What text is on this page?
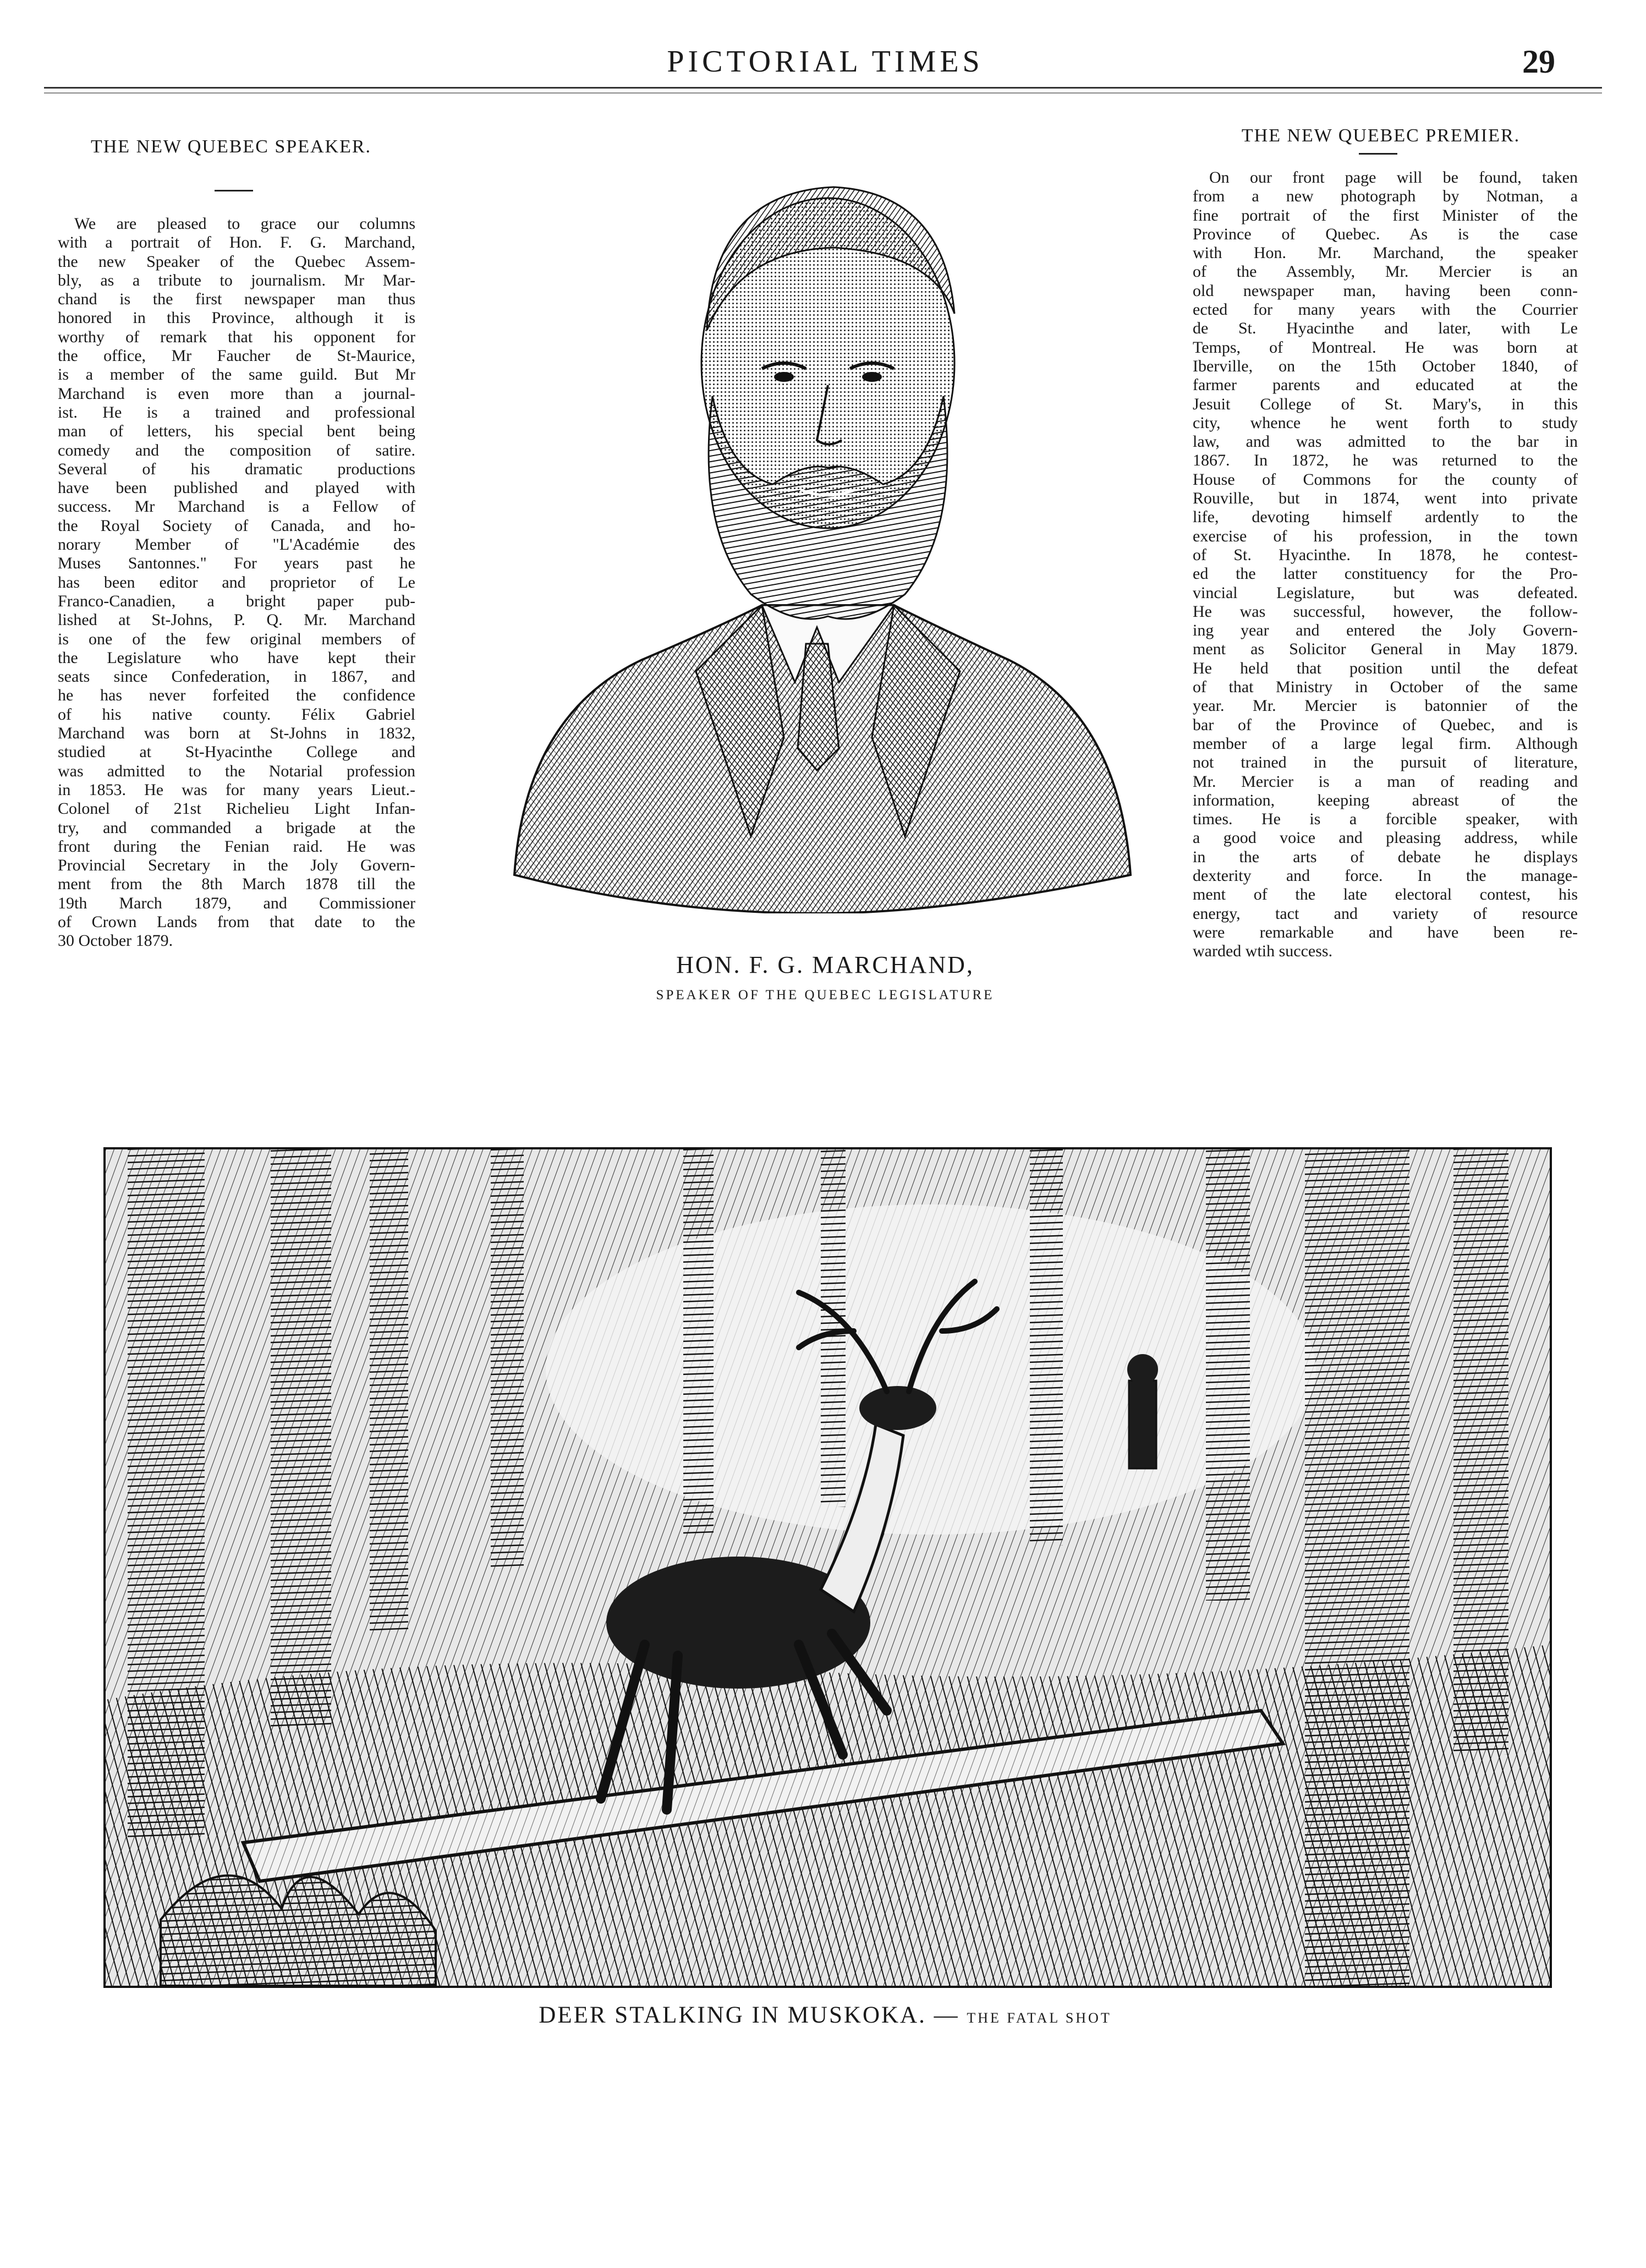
PICTORIAL TIMES	29
THE NEW QUEBEC SPEAKER.
We are pleased to grace our columns
with a portrait of Hon. F. G. Marchand,
the new Speaker of the Quebec Assem-
bly, as a tribute to journalism. Mr Mar-
chand is the first newspaper man thus
honored in this Province, although it is
worthy of remark that his opponent for
the office, Mr Faucher de St-Maurice,
is a member of the same guild. But Mr
Marchand is even more than a journal-
ist. He is a trained and professional
man of letters, his special bent being
comedy and the composition of satire.
Several of his dramatic productions
have been published and played with
success. Mr Marchand is a Fellow of
the Royal Society of Canada, and ho-
norary Member of "L'Académie des
Muses Santonnes." For years past he
has been editor and proprietor of Le
Franco-Canadien, a bright paper pub-
lished at St-Johns, P. Q. Mr. Marchand
is one of the few original members of
the Legislature who have kept their
seats since Confederation, in 1867, and
he has never forfeited the confidence
of his native county. Félix Gabriel
Marchand was born at St-Johns in 1832,
studied at St-Hyacinthe College and
was admitted to the Notarial profession
in 1853. He was for many years Lieut.-
Colonel of 21st Richelieu Light Infan-
try, and commanded a brigade at the
front during the Fenian raid. He was
Provincial Secretary in the Joly Govern-
ment from the 8th March 1878 till the
19th March 1879, and Commissioner
of Crown Lands from that date to the
30 October 1879.
HON. F. G. MARCHAND,
SPEAKER OF THE QUEBEC LEGISLATURE
THE NEW QUEBEC PREMIER.
On our front page will be found, taken
from a new photograph by Notman, a
fine portrait of the first Minister of the
Province of Quebec. As is the case
with Hon. Mr. Marchand, the speaker
of the Assembly, Mr. Mercier is an
old newspaper man, having been conn-
ected for many years with the Courrier
de St. Hyacinthe and later, with Le
Temps, of Montreal. He was born at
Iberville, on the 15th October 1840, of
farmer parents and educated at the
Jesuit College of St. Mary's, in this
city, whence he went forth to study
law, and was admitted to the bar in
1867. In 1872, he was returned to the
House of Commons for the county of
Rouville, but in 1874, went into private
life, devoting himself ardently to the
exercise of his profession, in the town
of St. Hyacinthe. In 1878, he contest-
ed the latter constituency for the Pro-
vincial Legislature, but was defeated.
He was successful, however, the follow-
ing year and entered the Joly Govern-
ment as Solicitor General in May 1879.
He held that position until the defeat
of that Ministry in October of the same
year. Mr. Mercier is batonnier of the
bar of the Province of Quebec, and is
member of a large legal firm. Although
not trained in the pursuit of literature,
Mr. Mercier is a man of reading and
information, keeping abreast of the
times. He is a forcible speaker, with
a good voice and pleasing address, while
in the arts of debate he displays
dexterity and force. In the manage-
ment of the late electoral contest, his
energy, tact and variety of resource
were remarkable and have been re-
warded wtih success.
DEER STALKING IN MUSKOKA. — THE FATAL SHOT
